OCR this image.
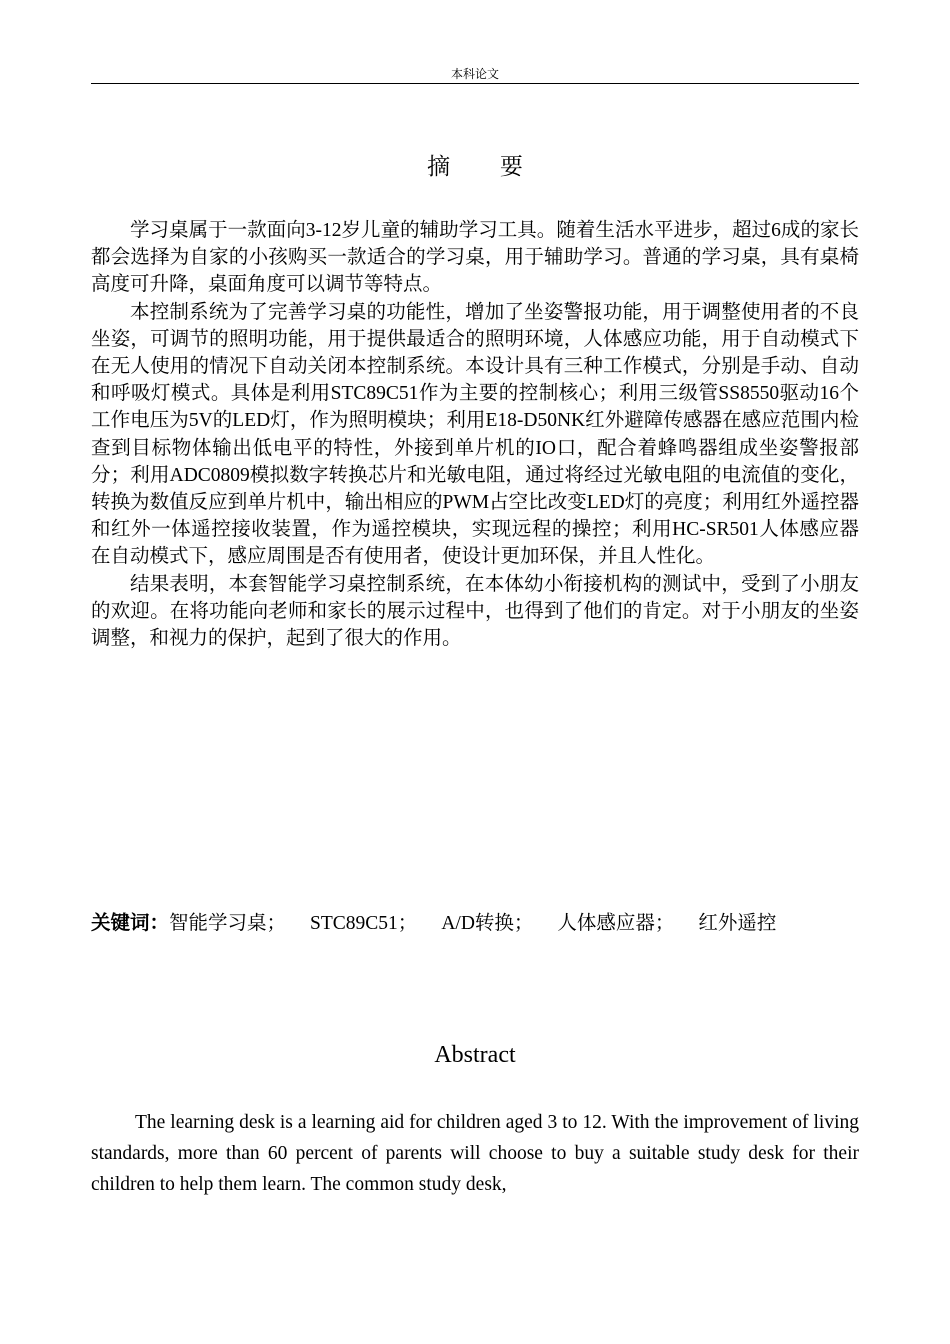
本科论文
摘 要

学习桌属于一款面向3-12岁儿童的辅助学习工具。随着生活水平进步，超过6成的家长都会选择为自家的小孩购买一款适合的学习桌，用于辅助学习。普通的学习桌，具有桌椅高度可升降，桌面角度可以调节等特点。

本控制系统为了完善学习桌的功能性，增加了坐姿警报功能，用于调整使用者的不良坐姿，可调节的照明功能，用于提供最适合的照明环境，人体感应功能，用于自动模式下在无人使用的情况下自动关闭本控制系统。本设计具有三种工作模式，分别是手动、自动和呼吸灯模式。具体是利用STC89C51作为主要的控制核心；利用三级管SS8550驱动16个工作电压为5V的LED灯，作为照明模块；利用E18-D50NK红外避障传感器在感应范围内检查到目标物体输出低电平的特性，外接到单片机的IO口，配合着蜂鸣器组成坐姿警报部分；利用ADC0809模拟数字转换芯片和光敏电阻，通过将经过光敏电阻的电流值的变化，转换为数值反应到单片机中，输出相应的PWM占空比改变LED灯的亮度；利用红外遥控器和红外一体遥控接收装置，作为遥控模块，实现远程的操控；利用HC-SR501人体感应器在自动模式下，感应周围是否有使用者，使设计更加环保，并且人性化。

结果表明，本套智能学习桌控制系统，在本体幼小衔接机构的测试中，受到了小朋友的欢迎。在将功能向老师和家长的展示过程中，也得到了他们的肯定。对于小朋友的坐姿调整，和视力的保护，起到了很大的作用。

关键词：智能学习桌； STC89C51； A/D转换； 人体感应器； 红外遥控
Abstract

The learning desk is a learning aid for children aged 3 to 12. With the improvement of living standards, more than 60 percent of parents will choose to buy a suitable study desk for their children to help them learn. The common study desk,
